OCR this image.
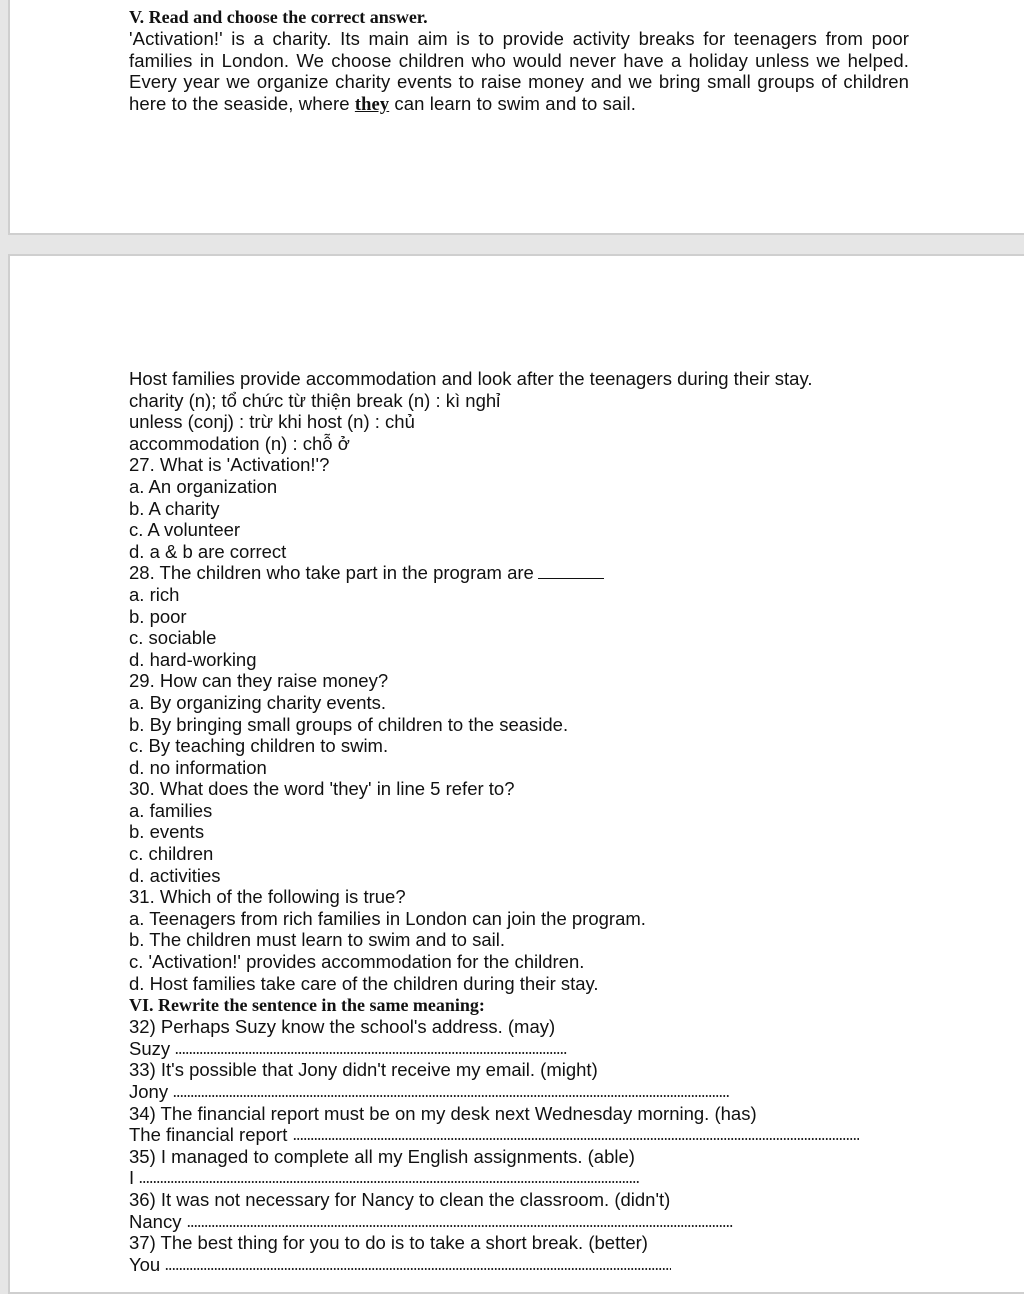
V. Read and choose the correct answer.

'Activation!' is a charity. Its main aim is to provide activity breaks for teenagers from poor families in London. We choose children who would never have a holiday unless we helped. Every year we organize charity events to raise money and we bring small groups of children here to the seaside, where they can learn to swim and to sail.

Host families provide accommodation and look after the teenagers during their stay.

charity (n); tổ chức từ thiện break (n) : kì nghỉ

unless (conj) : trừ khi host (n) : chủ

accommodation (n) : chỗ ở

27. What is 'Activation!'?

a. An organization

b. A charity

c. A volunteer

d. a & b are correct

28. The children who take part in the program are

a. rich

b. poor

c. sociable

d. hard-working

29. How can they raise money?

a. By organizing charity events.

b. By bringing small groups of children to the seaside.

c. By teaching children to swim.

d. no information

30. What does the word 'they' in line 5 refer to?

a. families

b. events

c. children

d. activities

31. Which of the following is true?

a. Teenagers from rich families in London can join the program.

b. The children must learn to swim and to sail.

c. 'Activation!' provides accommodation for the children.

d. Host families take care of the children during their stay.

VI. Rewrite the sentence in the same meaning:

32) Perhaps Suzy know the school's address. (may)

Suzy

33) It's possible that Jony didn't receive my email. (might)

Jony

34) The financial report must be on my desk next Wednesday morning. (has)

The financial report

35) I managed to complete all my English assignments. (able)

I

36) It was not necessary for Nancy to clean the classroom. (didn't)

Nancy

37) The best thing for you to do is to take a short break. (better)

You
